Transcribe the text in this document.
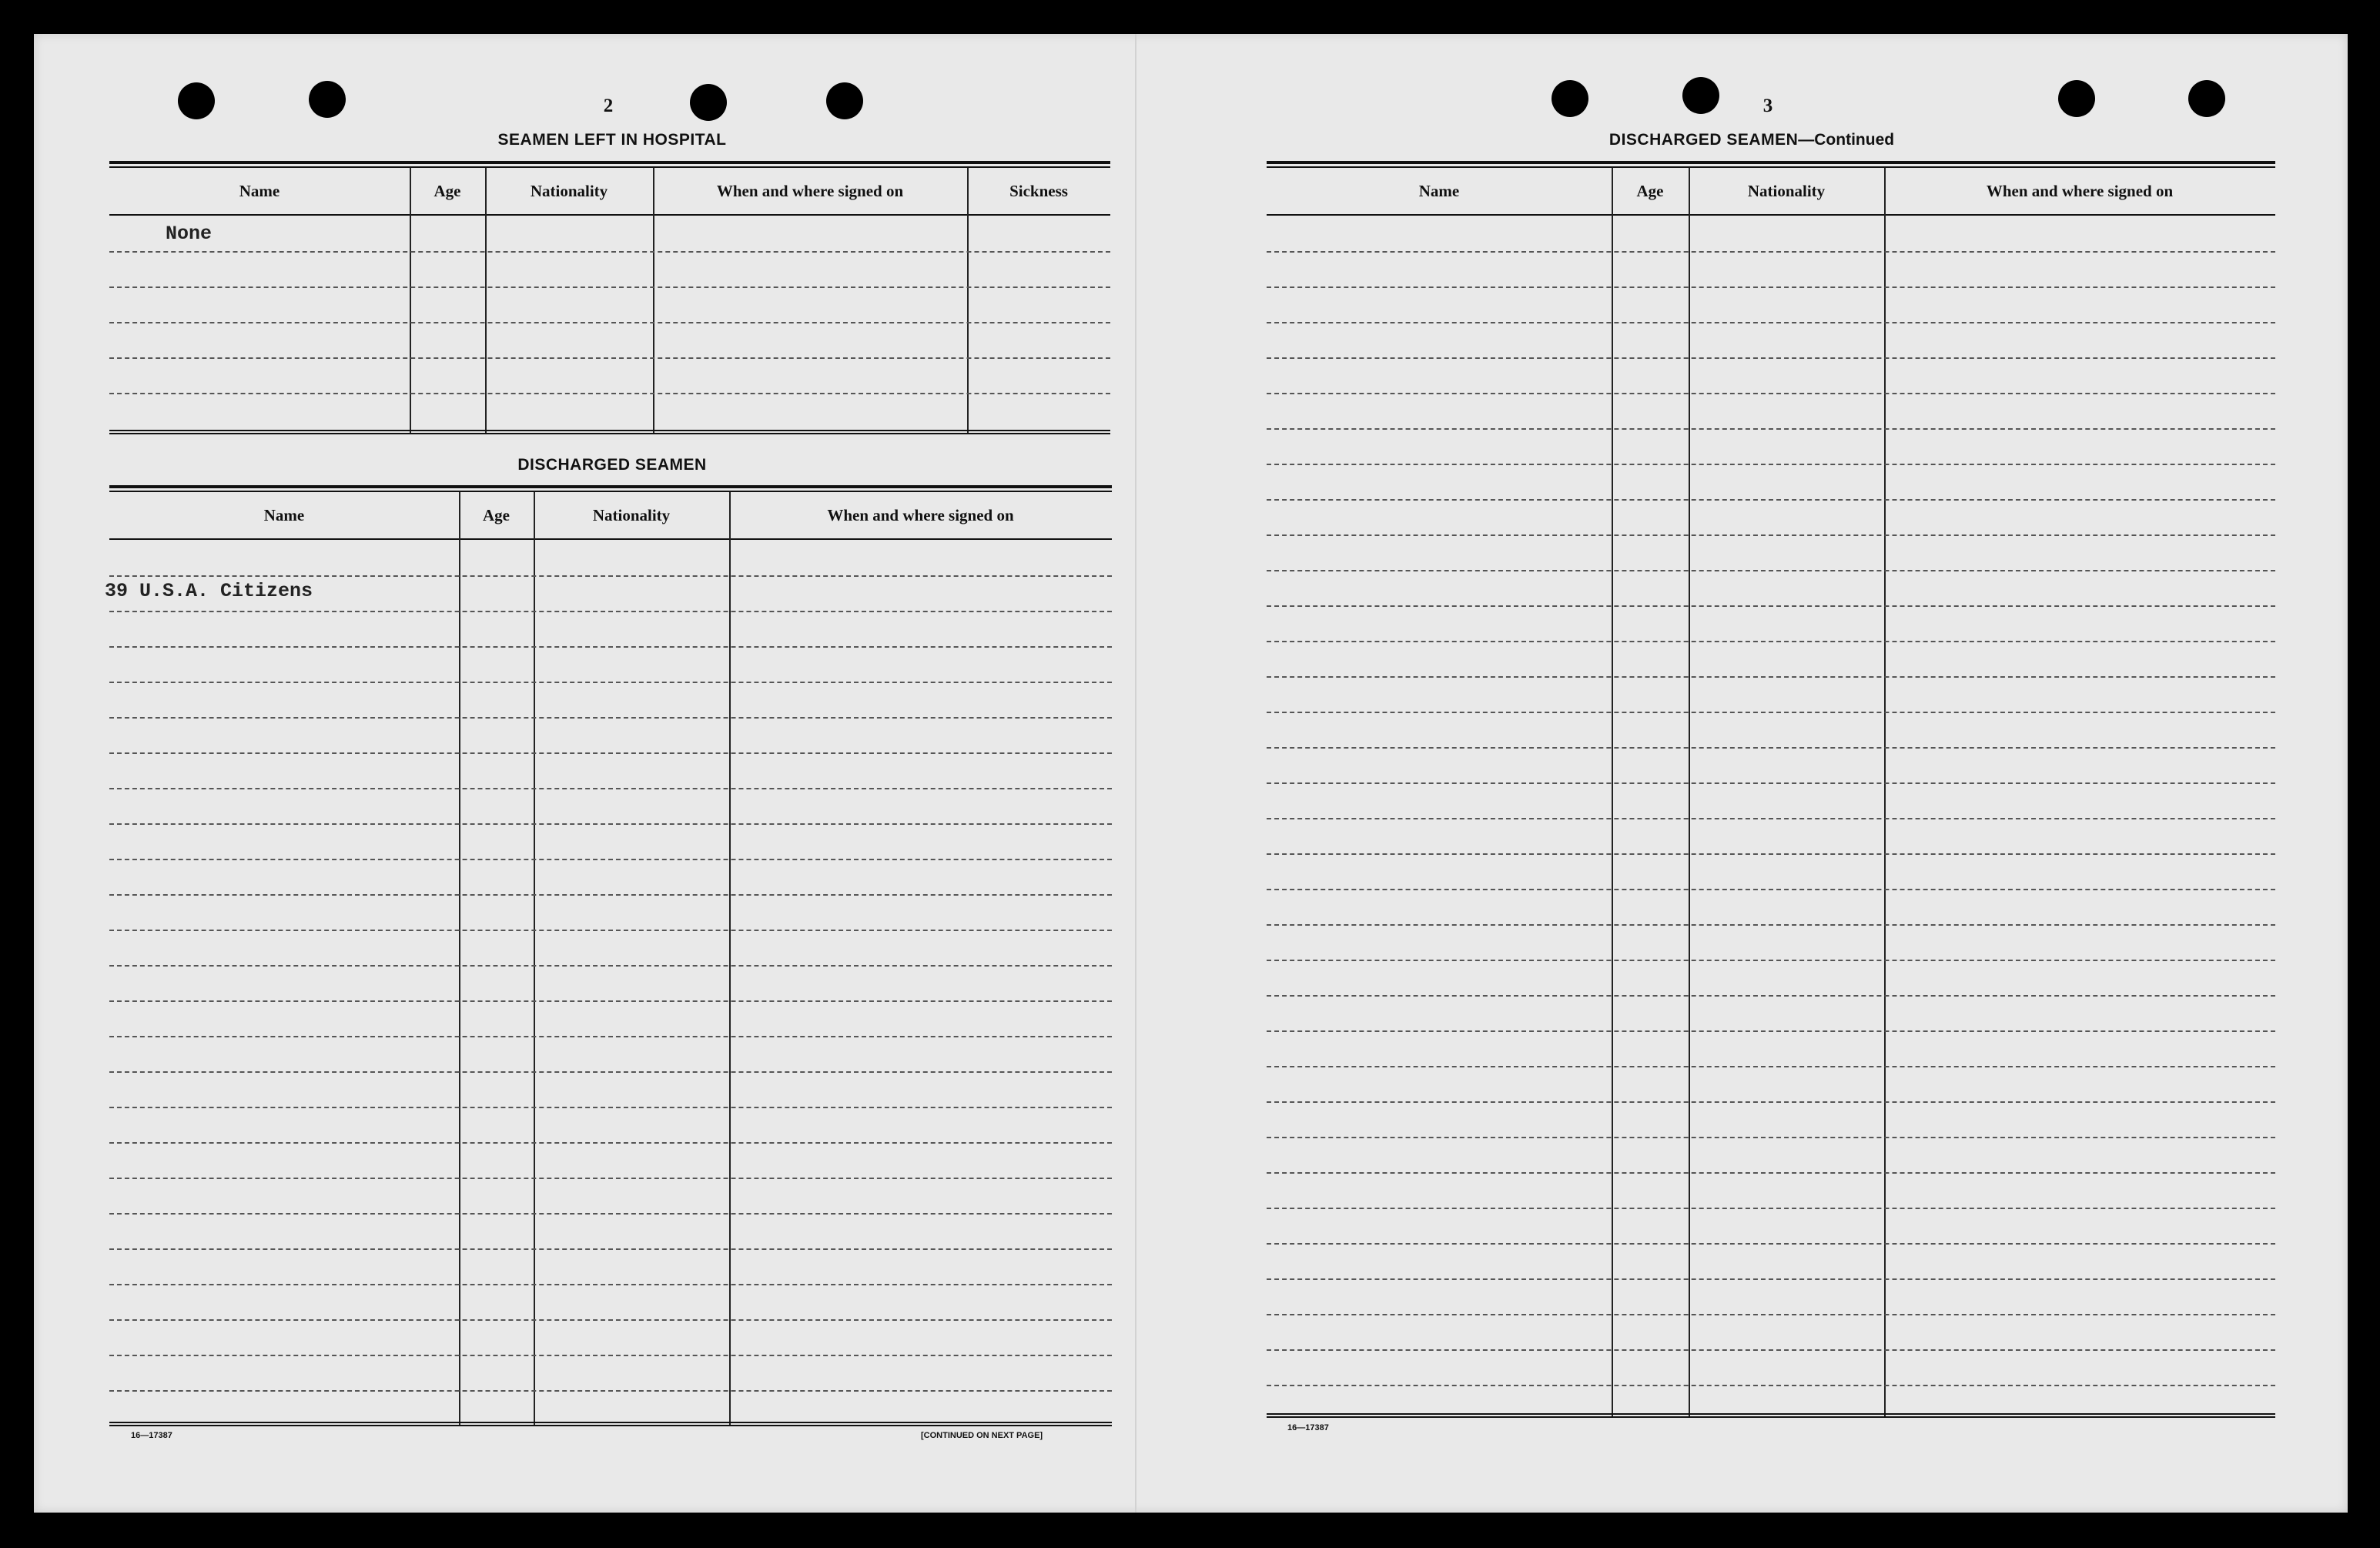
2
SEAMEN LEFT IN HOSPITAL
Name	Age	Nationality	When and where signed on	Sickness
None
DISCHARGED SEAMEN
Name	Age	Nationality	When and where signed on
39 U.S.A. Citizens
16—17387	[CONTINUED ON NEXT PAGE]
3
DISCHARGED SEAMEN—Continued
Name	Age	Nationality	When and where signed on
16—17387
